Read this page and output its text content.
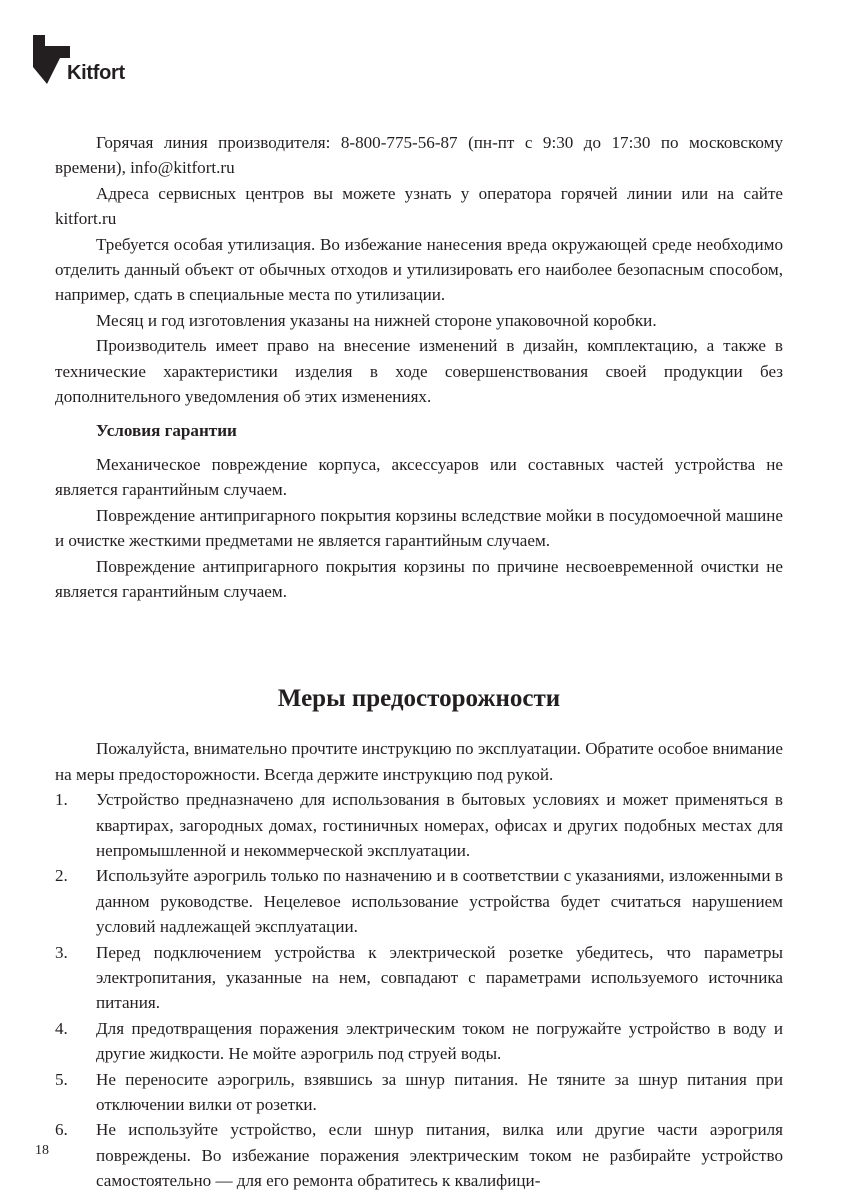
Kitfort

Горячая линия производителя: 8-800-775-56-87 (пн-пт с 9:30 до 17:30 по московскому времени), info@kitfort.ru

Адреса сервисных центров вы можете узнать у оператора горячей линии или на сайте kitfort.ru

Требуется особая утилизация. Во избежание нанесения вреда окружающей среде необходимо отделить данный объект от обычных отходов и утилизировать его наиболее безопасным способом, например, сдать в специальные места по утилизации.

Месяц и год изготовления указаны на нижней стороне упаковочной коробки.

Производитель имеет право на внесение изменений в дизайн, комплектацию, а также в технические характеристики изделия в ходе совершенствования своей продукции без дополнительного уведомления об этих изменениях.

Условия гарантии

Механическое повреждение корпуса, аксессуаров или составных частей устройства не является гарантийным случаем.

Повреждение антипригарного покрытия корзины вследствие мойки в посудомоечной машине и очистке жесткими предметами не является гарантийным случаем.

Повреждение антипригарного покрытия корзины по причине несвоевременной очистки не является гарантийным случаем.

Меры предосторожности

Пожалуйста, внимательно прочтите инструкцию по эксплуатации. Обратите особое внимание на меры предосторожности. Всегда держите инструкцию под рукой.

1. Устройство предназначено для использования в бытовых условиях и может применяться в квартирах, загородных домах, гостиничных номерах, офисах и других подобных местах для непромышленной и некоммерческой эксплуатации.
2. Используйте аэрогриль только по назначению и в соответствии с указаниями, изложенными в данном руководстве. Нецелевое использование устройства будет считаться нарушением условий надлежащей эксплуатации.
3. Перед подключением устройства к электрической розетке убедитесь, что параметры электропитания, указанные на нем, совпадают с параметрами используемого источника питания.
4. Для предотвращения поражения электрическим током не погружайте устройство в воду и другие жидкости. Не мойте аэрогриль под струей воды.
5. Не переносите аэрогриль, взявшись за шнур питания. Не тяните за шнур питания при отключении вилки от розетки.
6. Не используйте устройство, если шнур питания, вилка или другие части аэрогриля повреждены. Во избежание поражения электрическим током не разбирайте устройство самостоятельно — для его ремонта обратитесь к квалифици-
18
